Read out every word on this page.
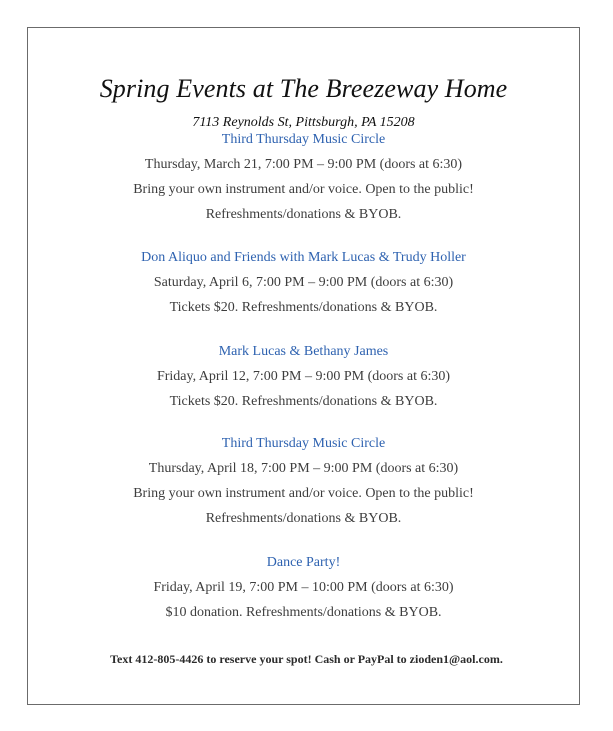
Spring Events at The Breezeway Home
7113 Reynolds St, Pittsburgh, PA 15208
Third Thursday Music Circle
Thursday, March 21, 7:00 PM – 9:00 PM (doors at 6:30)
Bring your own instrument and/or voice. Open to the public!
Refreshments/donations & BYOB.
Don Aliquo and Friends with Mark Lucas & Trudy Holler
Saturday, April 6, 7:00 PM – 9:00 PM (doors at 6:30)
Tickets $20. Refreshments/donations & BYOB.
Mark Lucas & Bethany James
Friday, April 12, 7:00 PM – 9:00 PM (doors at 6:30)
Tickets $20. Refreshments/donations & BYOB.
Third Thursday Music Circle
Thursday, April 18, 7:00 PM – 9:00 PM (doors at 6:30)
Bring your own instrument and/or voice. Open to the public!
Refreshments/donations & BYOB.
Dance Party!
Friday, April 19, 7:00 PM – 10:00 PM (doors at 6:30)
$10 donation. Refreshments/donations & BYOB.
Text 412-805-4426 to reserve your spot! Cash or PayPal to zioden1@aol.com.
